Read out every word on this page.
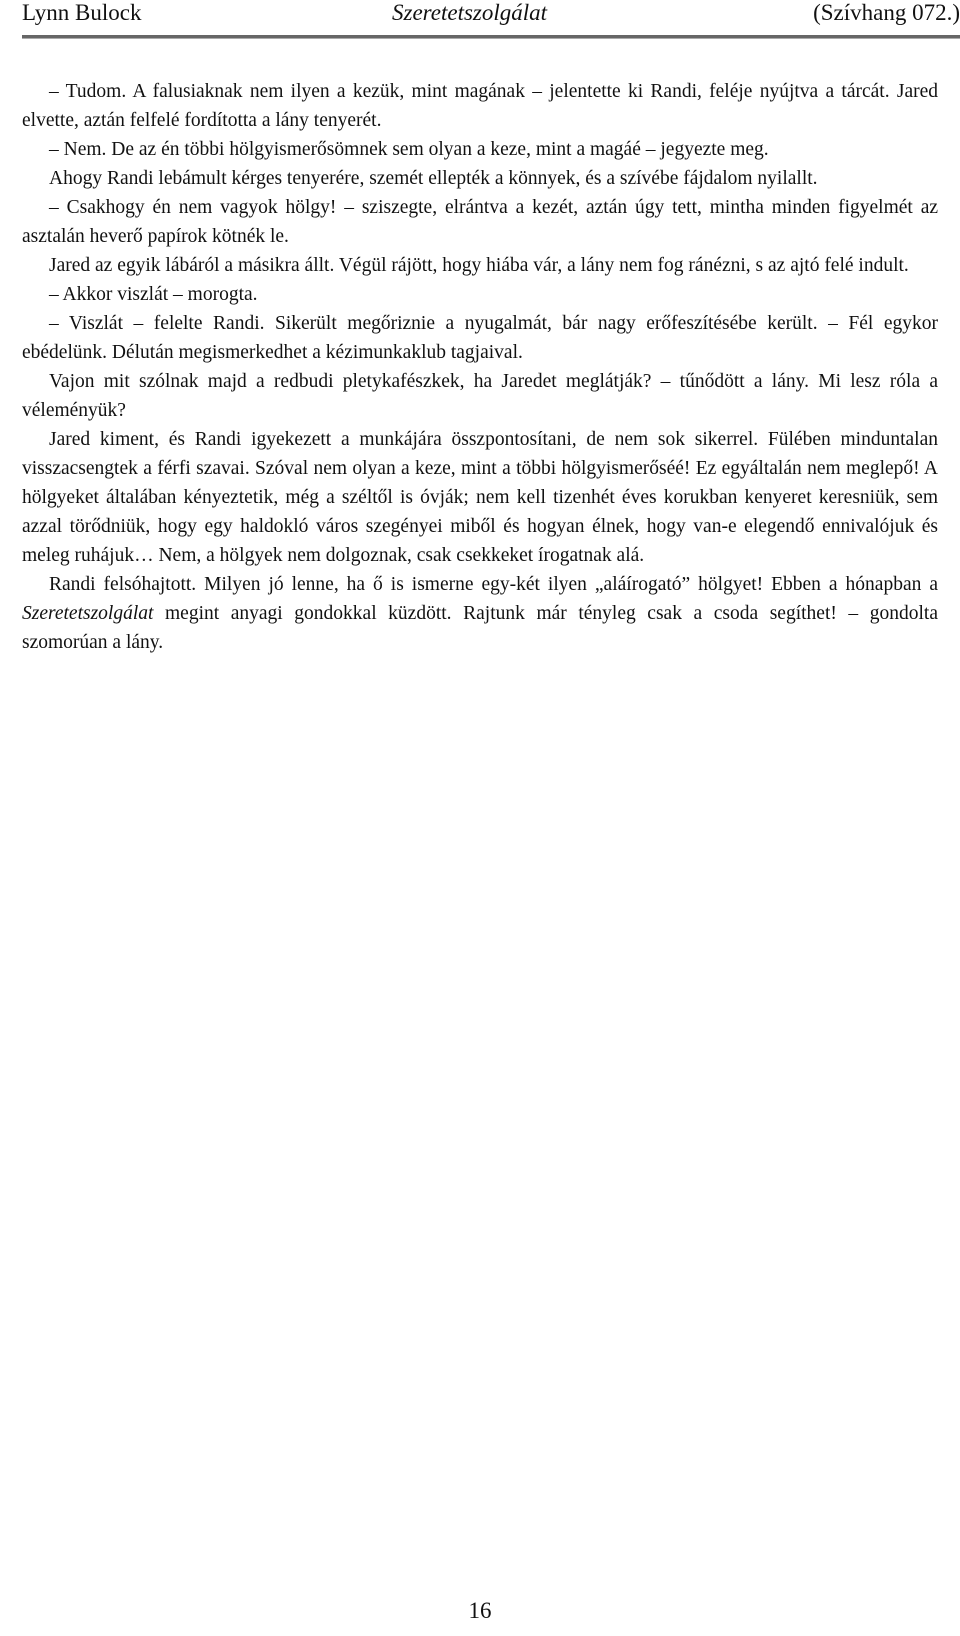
Lynn Bulock	Szeretetszolgálat	(Szívhang 072.)

– Tudom. A falusiaknak nem ilyen a kezük, mint magának – jelentette ki Randi, feléje nyújtva a tárcát. Jared elvette, aztán felfelé fordította a lány tenyerét.

– Nem. De az én többi hölgyismerősömnek sem olyan a keze, mint a magáé – jegyezte meg.

Ahogy Randi lebámult kérges tenyerére, szemét ellepték a könnyek, és a szívébe fájdalom nyilallt.

– Csakhogy én nem vagyok hölgy! – sziszegte, elrántva a kezét, aztán úgy tett, mintha minden figyelmét az asztalán heverő papírok kötnék le.

Jared az egyik lábáról a másikra állt. Végül rájött, hogy hiába vár, a lány nem fog ránézni, s az ajtó felé indult.

– Akkor viszlát – morogta.

– Viszlát – felelte Randi. Sikerült megőriznie a nyugalmát, bár nagy erőfeszítésébe került. – Fél egykor ebédelünk. Délután megismerkedhet a kézimunkaklub tagjaival.

Vajon mit szólnak majd a redbudi pletykafészkek, ha Jaredet meglátják? – tűnődött a lány. Mi lesz róla a véleményük?

Jared kiment, és Randi igyekezett a munkájára összpontosítani, de nem sok sikerrel. Fülében minduntalan visszacsengtek a férfi szavai. Szóval nem olyan a keze, mint a többi hölgyismerőséé! Ez egyáltalán nem meglepő! A hölgyeket általában kényeztetik, még a széltől is óvják; nem kell tizenhét éves korukban kenyeret keresniük, sem azzal törődniük, hogy egy haldokló város szegényei miből és hogyan élnek, hogy van-e elegendő ennivalójuk és meleg ruhájuk… Nem, a hölgyek nem dolgoznak, csak csekkeket írogatnak alá.

Randi felsóhajtott. Milyen jó lenne, ha ő is ismerne egy-két ilyen „aláírogató” hölgyet! Ebben a hónapban a Szeretetszolgálat megint anyagi gondokkal küzdött. Rajtunk már tényleg csak a csoda segíthet! – gondolta szomorúan a lány.

16
